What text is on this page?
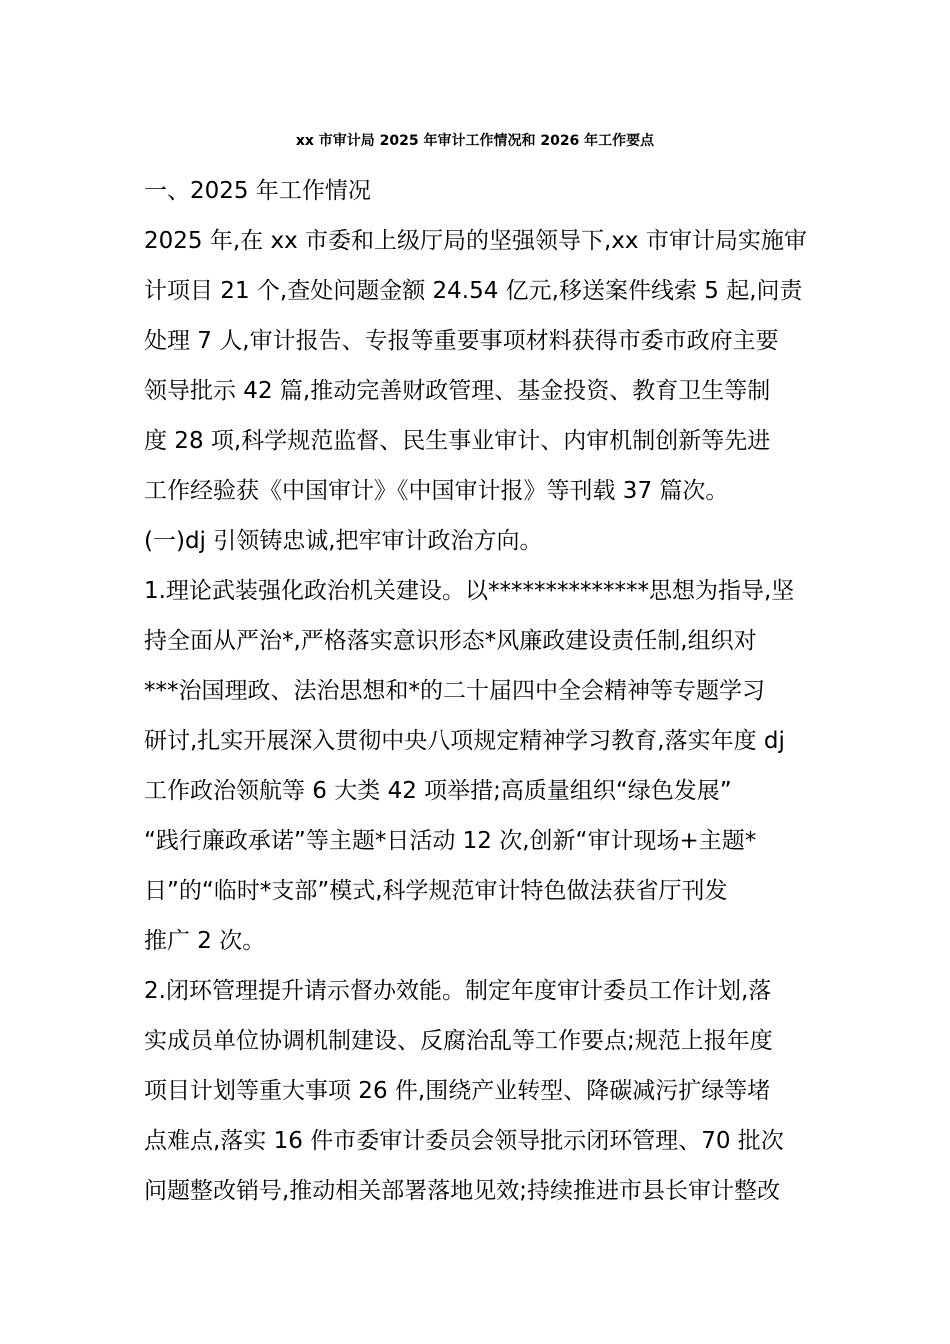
xx 市审计局 2025 年审计工作情况和 2026 年工作要点
一、2025 年工作情况
2025 年,在 xx 市委和上级厅局的坚强领导下,xx 市审计局实施审
计项目 21 个,查处问题金额 24.54 亿元,移送案件线索 5 起,问责
处理 7 人,审计报告、专报等重要事项材料获得市委市政府主要
领导批示 42 篇,推动完善财政管理、基金投资、教育卫生等制
度 28 项,科学规范监督、民生事业审计、内审机制创新等先进
工作经验获《中国审计》《中国审计报》等刊载 37 篇次。
(一)dj 引领铸忠诚,把牢审计政治方向。
1.理论武装强化政治机关建设。以**************思想为指导,坚
持全面从严治*,严格落实意识形态*风廉政建设责任制,组织对
***治国理政、法治思想和*的二十届四中全会精神等专题学习
研讨,扎实开展深入贯彻中央八项规定精神学习教育,落实年度 dj
工作政治领航等 6 大类 42 项举措;高质量组织“绿色发展”
“践行廉政承诺”等主题*日活动 12 次,创新“审计现场+主题*
日”的“临时*支部”模式,科学规范审计特色做法获省厅刊发
推广 2 次。
2.闭环管理提升请示督办效能。制定年度审计委员工作计划,落
实成员单位协调机制建设、反腐治乱等工作要点;规范上报年度
项目计划等重大事项 26 件,围绕产业转型、降碳减污扩绿等堵
点难点,落实 16 件市委审计委员会领导批示闭环管理、70 批次
问题整改销号,推动相关部署落地见效;持续推进市县长审计整改
